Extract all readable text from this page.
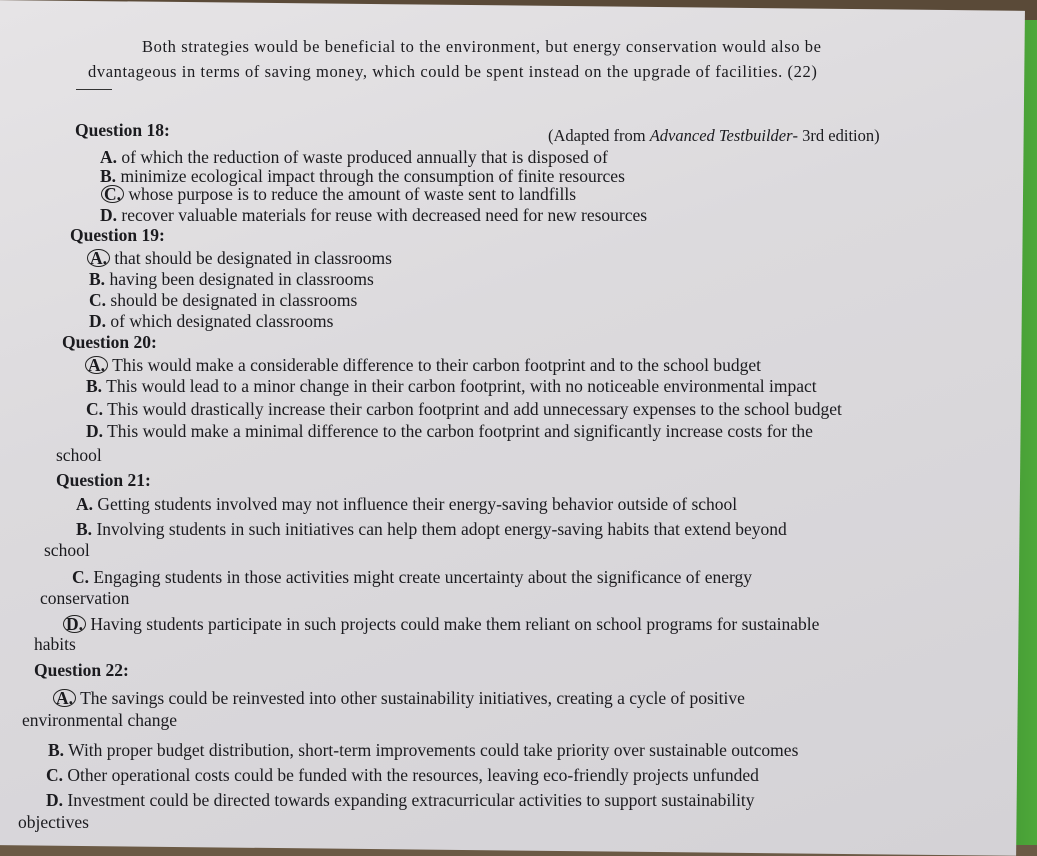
Both strategies would be beneficial to the environment, but energy conservation would also be
dvantageous in terms of saving money, which could be spent instead on the upgrade of facilities. (22)
Question 18:	(Adapted from Advanced Testbuilder- 3rd edition)
A. of which the reduction of waste produced annually that is disposed of
B. minimize ecological impact through the consumption of finite resources
C. whose purpose is to reduce the amount of waste sent to landfills
D. recover valuable materials for reuse with decreased need for new resources
Question 19:
A. that should be designated in classrooms
B. having been designated in classrooms
C. should be designated in classrooms
D. of which designated classrooms
Question 20:
A. This would make a considerable difference to their carbon footprint and to the school budget
B. This would lead to a minor change in their carbon footprint, with no noticeable environmental impact
C. This would drastically increase their carbon footprint and add unnecessary expenses to the school budget
D. This would make a minimal difference to the carbon footprint and significantly increase costs for the
school
Question 21:
A. Getting students involved may not influence their energy-saving behavior outside of school
B. Involving students in such initiatives can help them adopt energy-saving habits that extend beyond
school
C. Engaging students in those activities might create uncertainty about the significance of energy
conservation
D. Having students participate in such projects could make them reliant on school programs for sustainable
habits
Question 22:
A. The savings could be reinvested into other sustainability initiatives, creating a cycle of positive
environmental change
B. With proper budget distribution, short-term improvements could take priority over sustainable outcomes
C. Other operational costs could be funded with the resources, leaving eco-friendly projects unfunded
D. Investment could be directed towards expanding extracurricular activities to support sustainability
objectives
